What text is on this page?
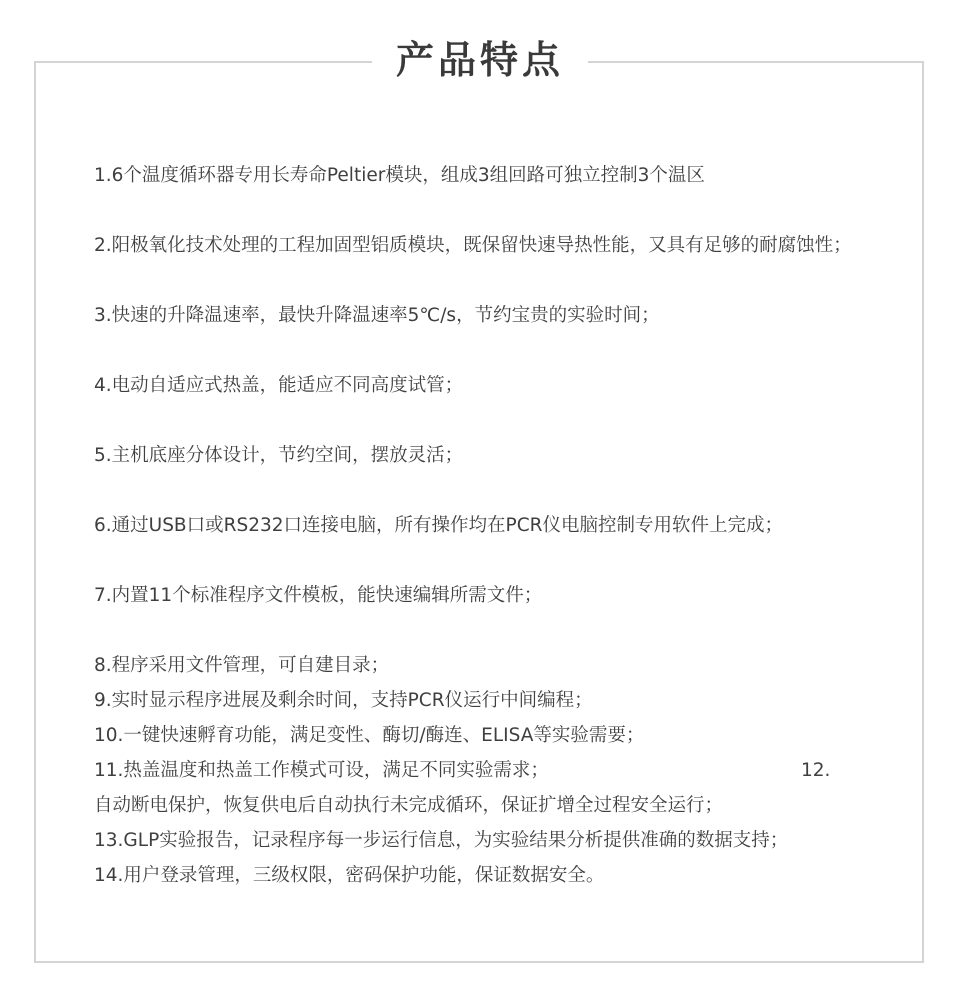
产品特点

1.6个温度循环器专用长寿命Peltier模块，组成3组回路可独立控制3个温区

2.阳极氧化技术处理的工程加固型铝质模块，既保留快速导热性能，又具有足够的耐腐蚀性；

3.快速的升降温速率，最快升降温速率5℃/s，节约宝贵的实验时间；

4.电动自适应式热盖，能适应不同高度试管；

5.主机底座分体设计，节约空间，摆放灵活；

6.通过USB口或RS232口连接电脑，所有操作均在PCR仪电脑控制专用软件上完成；

7.内置11个标准程序文件模板，能快速编辑所需文件；

8.程序采用文件管理，可自建目录；

9.实时显示程序进展及剩余时间，支持PCR仪运行中间编程；

10.一键快速孵育功能，满足变性、酶切/酶连、ELISA等实验需要；

11.热盖温度和热盖工作模式可设，满足不同实验需求；	12.

自动断电保护，恢复供电后自动执行未完成循环，保证扩增全过程安全运行；

13.GLP实验报告，记录程序每一步运行信息，为实验结果分析提供准确的数据支持；

14.用户登录管理，三级权限，密码保护功能，保证数据安全。
